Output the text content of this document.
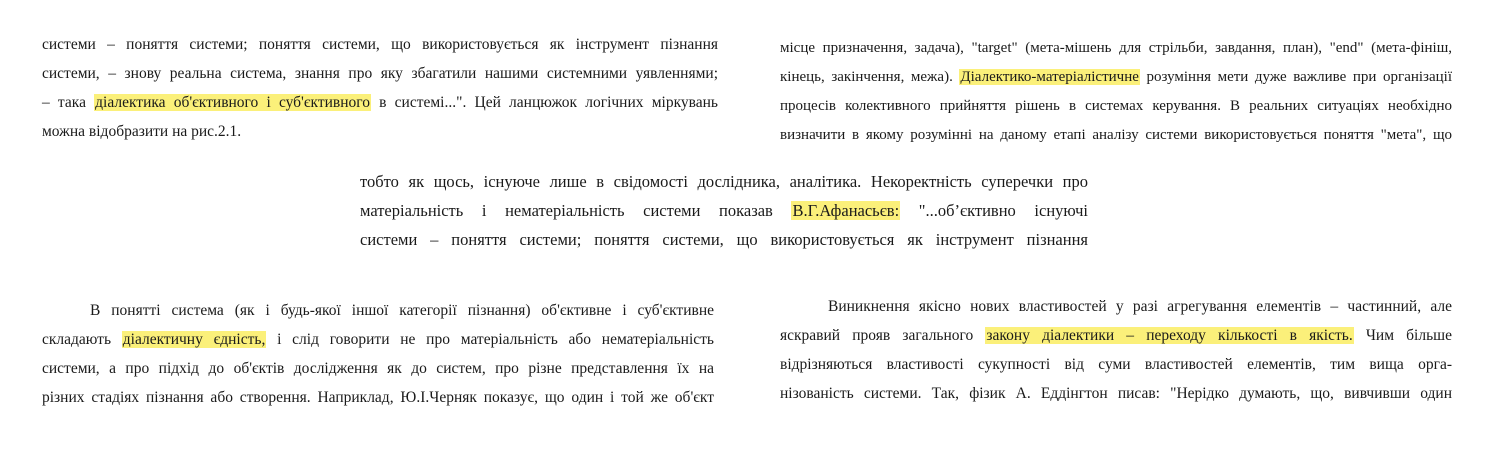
системи – поняття системи; поняття системи, що використовується як інструмент пізнання
системи, – знову реальна система, знання про яку збагатили нашими системними уявленнями;
– така діалектика об'єктивного і суб'єктивного в системі...". Цей ланцюжок логічних міркувань
можна відобразити на рис.2.1.
місце призначення, задача), "target" (мета-мішень для стрільби, завдання, план), "end" (мета-фініш,
кінець, закінчення, межа). Діалектико-матеріалістичне розуміння мети дуже важливе при організації
процесів колективного прийняття рішень в системах керування. В реальних ситуаціях необхідно
визначити в якому розумінні на даному етапі аналізу системи використовується поняття "мета", що
тобто як щось, існуюче лише в свідомості дослідника, аналітика. Некоректність суперечки про
матеріальність і нематеріальність системи показав В.Г.Афанасьєв: "...об’єктивно існуючі
системи – поняття системи; поняття системи, що використовується як інструмент пізнання
В понятті система (як і будь-якої іншої категорії пізнання) об'єктивне і суб'єктивне
складають діалектичну єдність, і слід говорити не про матеріальність або нематеріальність
системи, а про підхід до об'єктів дослідження як до систем, про різне представлення їх на
різних стадіях пізнання або створення. Наприклад, Ю.І.Черняк показує, що один і той же об'єкт
Виникнення якісно нових властивостей у разі агрегування елементів – частинний, але
яскравий прояв загального закону діалектики – переходу кількості в якість. Чим більше
відрізняються властивості сукупності від суми властивостей елементів, тим вища орга-
нізованість системи. Так, фізик А. Еддінгтон писав: "Нерідко думають, що, вивчивши один
